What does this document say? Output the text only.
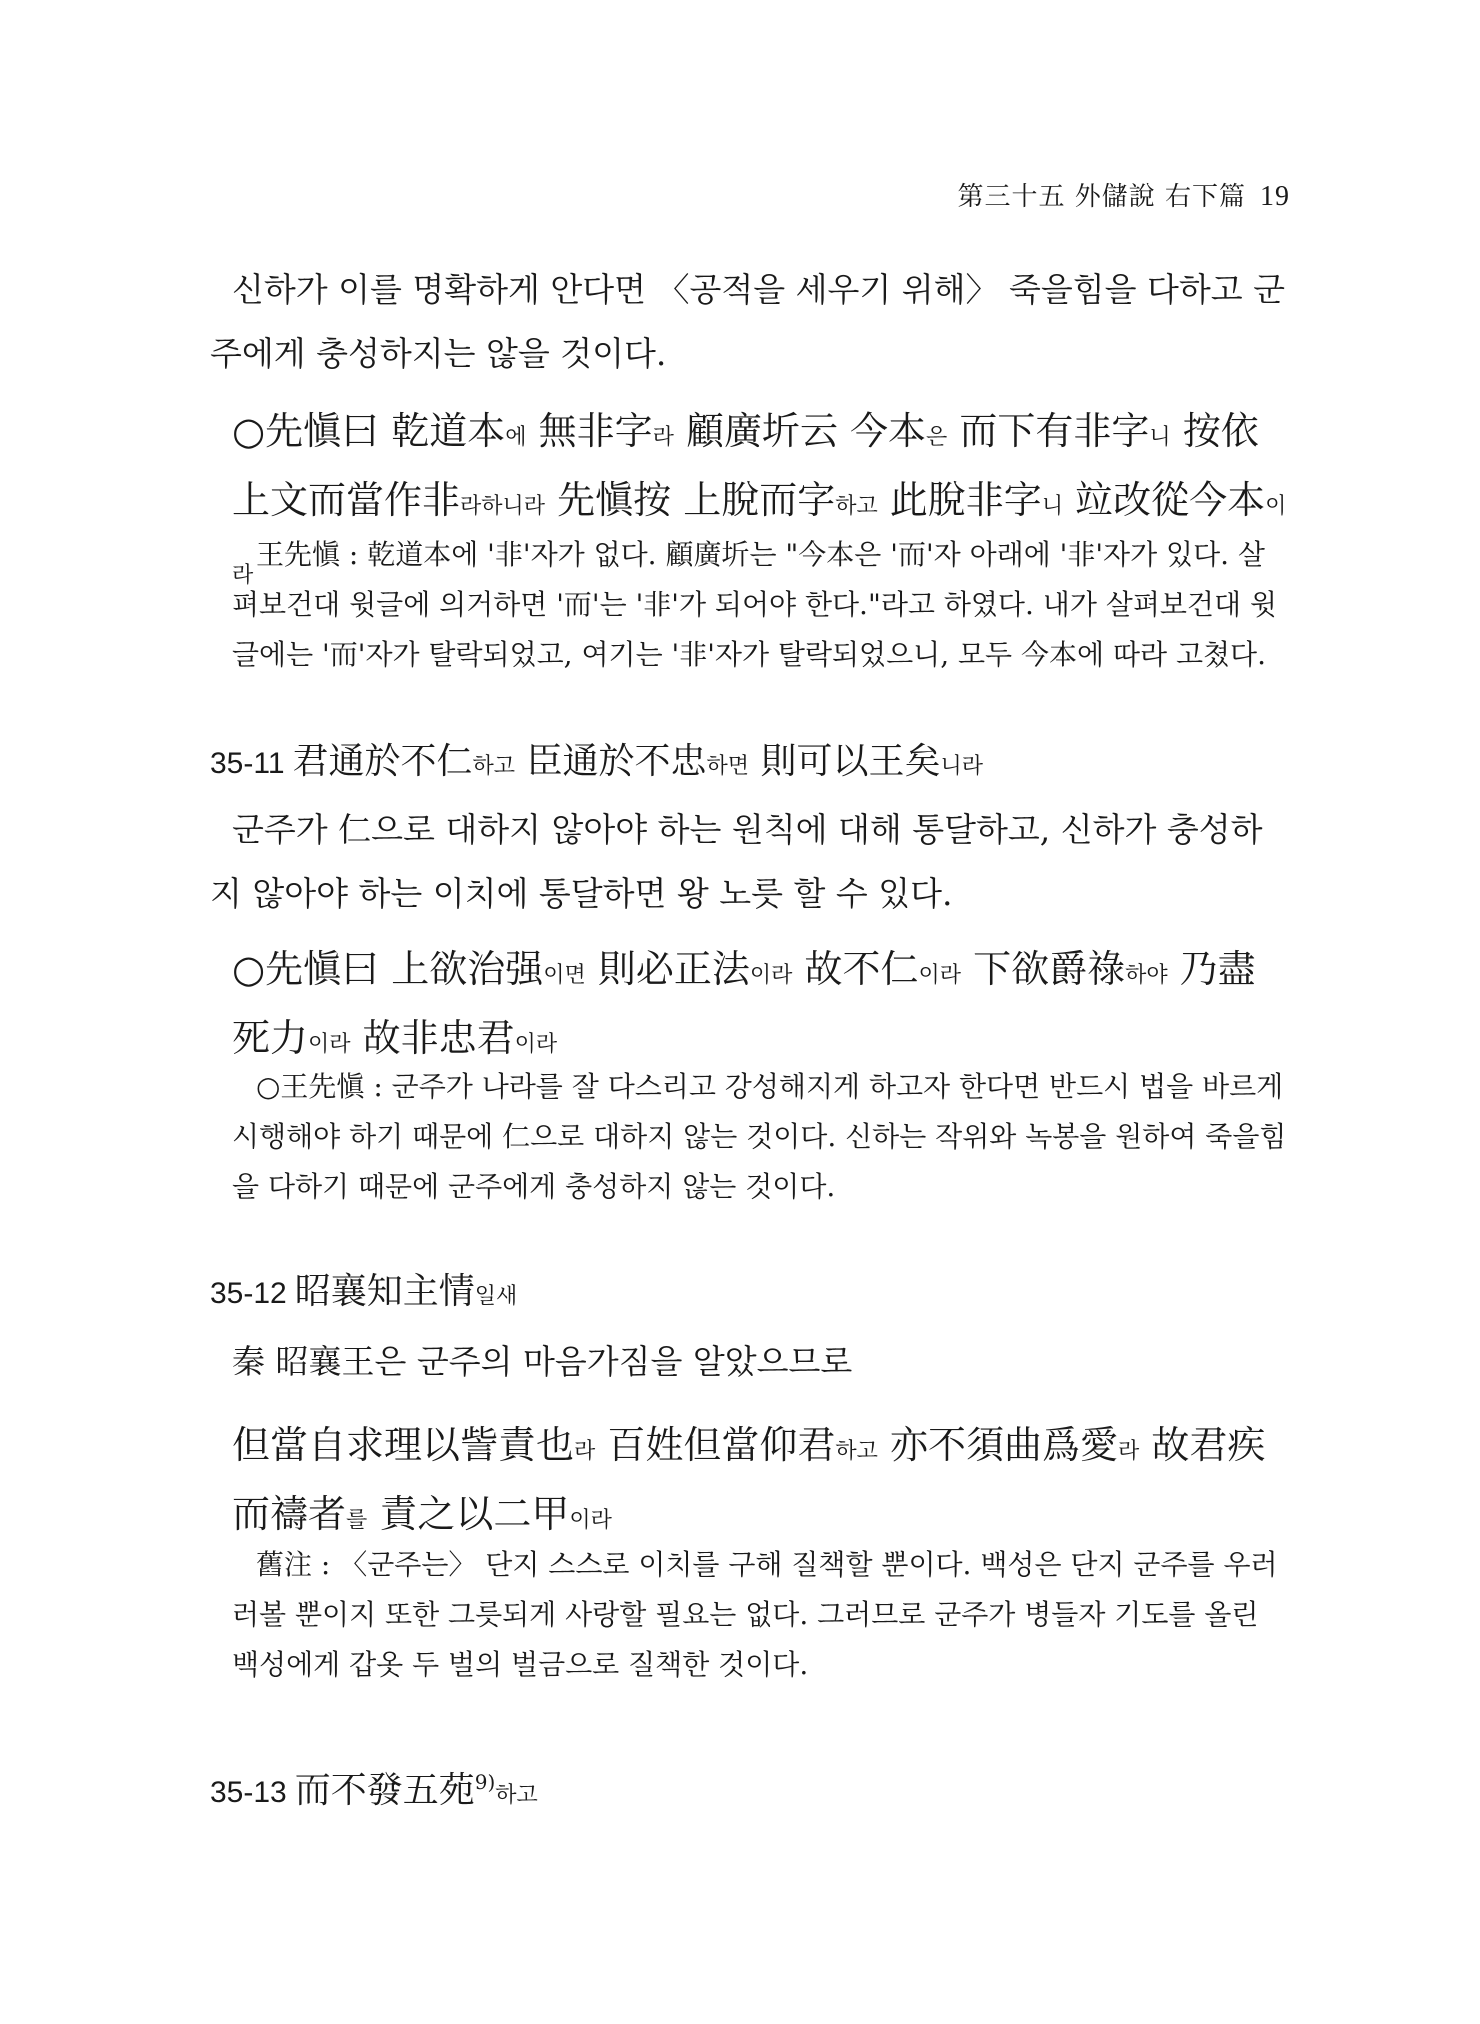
第三十五 外儲說 右下篇 19

신하가 이를 명확하게 안다면 〈공적을 세우기 위해〉 죽을힘을 다하고 군주에게 충성하지는 않을 것이다.

○先愼曰 乾道本에 無非字라 顧廣圻云 今本은 而下有非字니 按依上文而當作非라하니라 先愼按 上脫而字하고 此脫非字니 竝改從今本이라

王先愼 : 乾道本에 '非'자가 없다. 顧廣圻는 "今本은 '而'자 아래에 '非'자가 있다. 살펴보건대 윗글에 의거하면 '而'는 '非'가 되어야 한다."라고 하였다. 내가 살펴보건대 윗글에는 '而'자가 탈락되었고, 여기는 '非'자가 탈락되었으니, 모두 今本에 따라 고쳤다.

35-11 君通於不仁하고 臣通於不忠하면 則可以王矣니라

군주가 仁으로 대하지 않아야 하는 원칙에 대해 통달하고, 신하가 충성하지 않아야 하는 이치에 통달하면 왕 노릇 할 수 있다.

○先愼曰 上欲治强이면 則必正法이라 故不仁이라 下欲爵祿하야 乃盡死力이라 故非忠君이라

○王先愼 : 군주가 나라를 잘 다스리고 강성해지게 하고자 한다면 반드시 법을 바르게 시행해야 하기 때문에 仁으로 대하지 않는 것이다. 신하는 작위와 녹봉을 원하여 죽을힘을 다하기 때문에 군주에게 충성하지 않는 것이다.

35-12 昭襄知主情일새

秦 昭襄王은 군주의 마음가짐을 알았으므로

但當自求理以訾責也라 百姓但當仰君하고 亦不須曲爲愛라 故君疾而禱者를 責之以二甲이라

舊注 : 〈군주는〉 단지 스스로 이치를 구해 질책할 뿐이다. 백성은 단지 군주를 우러러볼 뿐이지 또한 그릇되게 사랑할 필요는 없다. 그러므로 군주가 병들자 기도를 올린 백성에게 갑옷 두 벌의 벌금으로 질책한 것이다.

35-13 而不發五苑$^{9)}$하고
